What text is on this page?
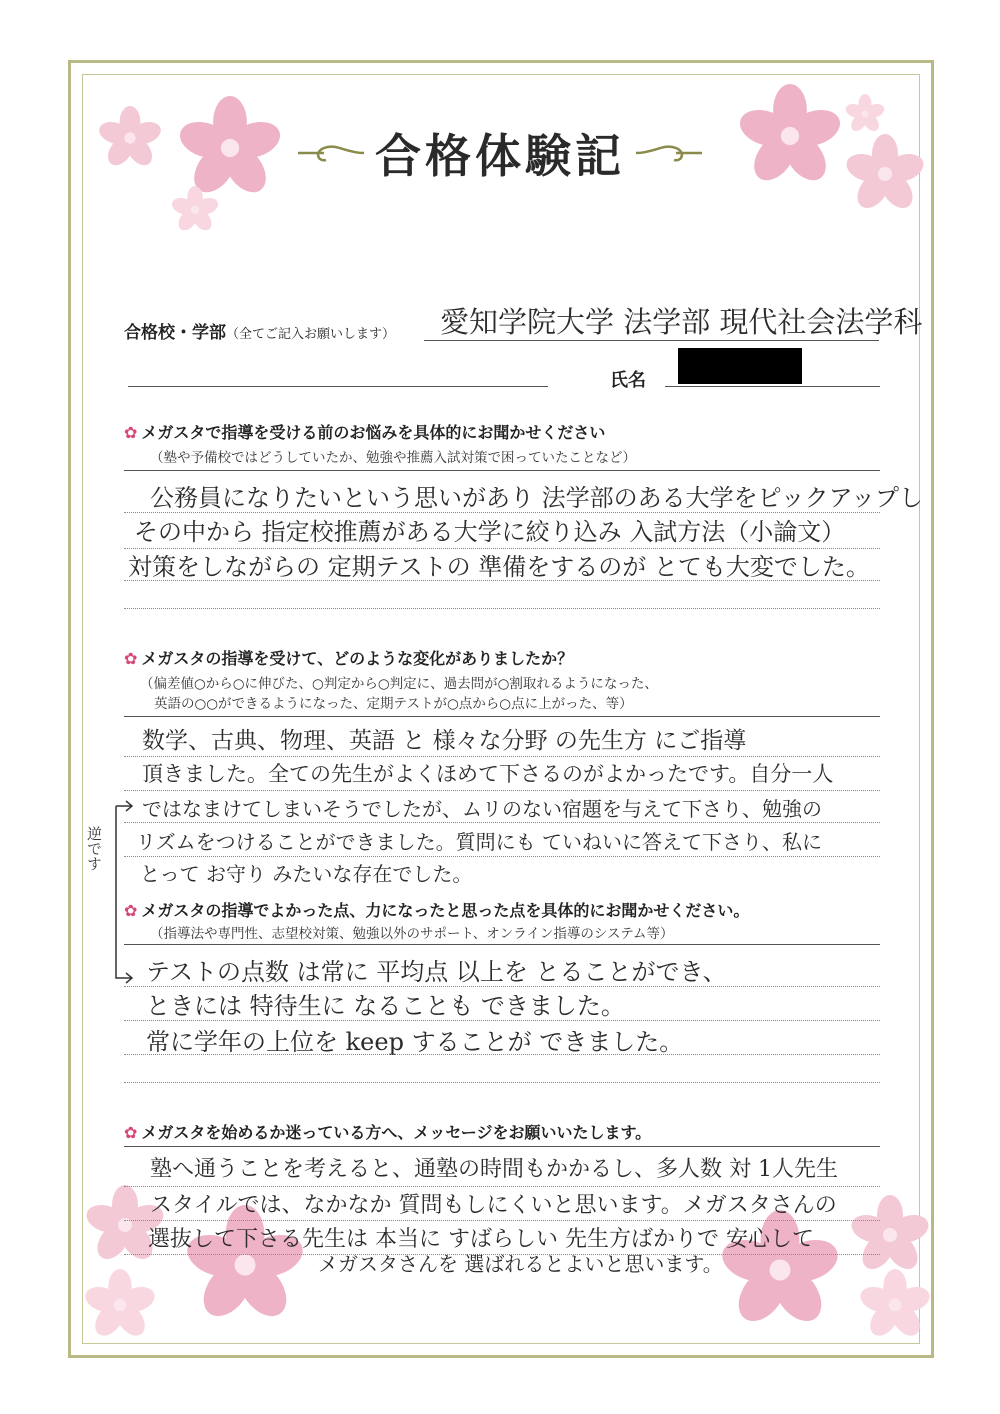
合格体験記
合格校・学部（全てご記入お願いします） 愛知学院大学 法学部 現代社会法学科
氏名
✿ メガスタで指導を受ける前のお悩みを具体的にお聞かせください
（塾や予備校ではどうしていたか、勉強や推薦入試対策で困っていたことなど）
公務員になりたいという思いがあり 法学部のある大学をピックアップし
その中から 指定校推薦がある大学に絞り込み 入試方法（小論文）
対策をしながらの 定期テストの 準備をするのが とても大変でした。
✿ メガスタの指導を受けて、どのような変化がありましたか？
（偏差値○から○に伸びた、○判定から○判定に、過去問が○割取れるようになった、
英語の○○ができるようになった、定期テストが○点から○点に上がった、等）
数学、古典、物理、英語 と 様々な分野 の先生方 にご指導
頂きました。全ての先生がよくほめて下さるのがよかったです。自分一人
ではなまけてしまいそうでしたが、ムリのない宿題を与えて下さり、勉強の
リズムをつけることができました。質問にも ていねいに答えて下さり、私に
とって お守り みたいな存在でした。
逆です
✿ メガスタの指導でよかった点、力になったと思った点を具体的にお聞かせください。
（指導法や専門性、志望校対策、勉強以外のサポート、オンライン指導のシステム等）
テストの点数 は常に 平均点 以上を とることができ、
ときには 特待生に なることも できました。
常に学年の上位を keep することが できました。
✿ メガスタを始めるか迷っている方へ、メッセージをお願いいたします。
塾へ通うことを考えると、通塾の時間もかかるし、多人数 対 1人先生
スタイルでは、なかなか 質問もしにくいと思います。メガスタさんの
選抜して下さる先生は 本当に すばらしい 先生方ばかりで 安心して
メガスタさんを 選ばれるとよいと思います。
